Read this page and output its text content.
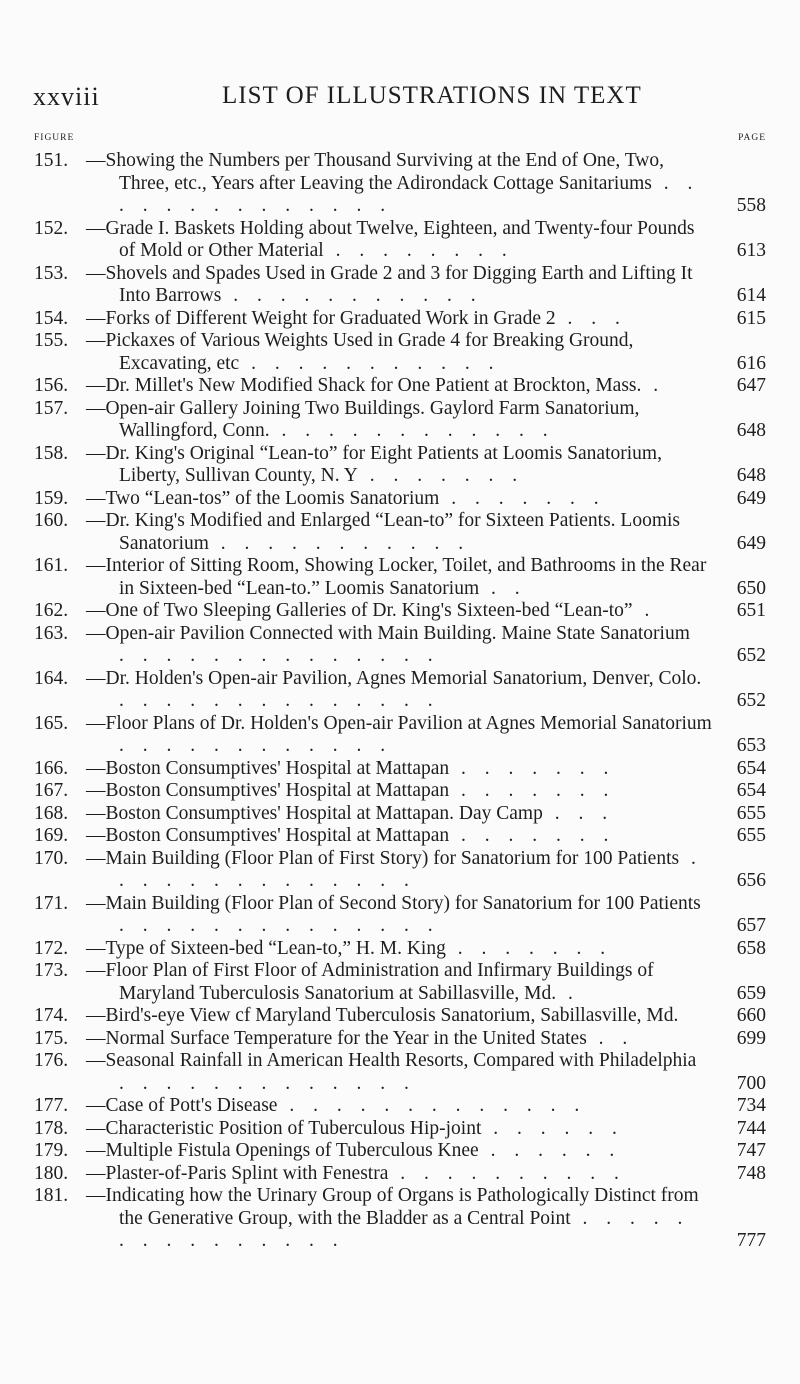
xxviii	LIST OF ILLUSTRATIONS IN TEXT
FIGURE	PAGE
151. —Showing the Numbers per Thousand Surviving at the End of One, Two, Three, etc., Years after Leaving the Adirondack Cottage Sanitariums . . . . . . . . . . . . . .	558
152. —Grade I. Baskets Holding about Twelve, Eighteen, and Twenty-four Pounds of Mold or Other Material . . . . . . . .	613
153. —Shovels and Spades Used in Grade 2 and 3 for Digging Earth and Lifting It Into Barrows . . . . . . . . . . .	614
154. —Forks of Different Weight for Graduated Work in Grade 2 . . .	615
155. —Pickaxes of Various Weights Used in Grade 4 for Breaking Ground, Excavating, etc . . . . . . . . . . .	616
156. —Dr. Millet's New Modified Shack for One Patient at Brockton, Mass. .	647
157. —Open-air Gallery Joining Two Buildings. Gaylord Farm Sanatorium, Wallingford, Conn. . . . . . . . . . . . .	648
158. —Dr. King's Original “Lean-to” for Eight Patients at Loomis Sanatorium, Liberty, Sullivan County, N. Y . . . . . . .	648
159. —Two “Lean-tos” of the Loomis Sanatorium . . . . . . .	649
160. —Dr. King's Modified and Enlarged “Lean-to” for Sixteen Patients. Loomis Sanatorium . . . . . . . . . . .	649
161. —Interior of Sitting Room, Showing Locker, Toilet, and Bathrooms in the Rear in Sixteen-bed “Lean-to.” Loomis Sanatorium . .	650
162. —One of Two Sleeping Galleries of Dr. King's Sixteen-bed “Lean-to” .	651
163. —Open-air Pavilion Connected with Main Building. Maine State Sanatorium . . . . . . . . . . . . . .	652
164. —Dr. Holden's Open-air Pavilion, Agnes Memorial Sanatorium, Denver, Colo. . . . . . . . . . . . . . .	652
165. —Floor Plans of Dr. Holden's Open-air Pavilion at Agnes Memorial Sanatorium . . . . . . . . . . . .	653
166. —Boston Consumptives' Hospital at Mattapan . . . . . . .	654
167. —Boston Consumptives' Hospital at Mattapan . . . . . . .	654
168. —Boston Consumptives' Hospital at Mattapan. Day Camp . . .	655
169. —Boston Consumptives' Hospital at Mattapan . . . . . . .	655
170. —Main Building (Floor Plan of First Story) for Sanatorium for 100 Patients . . . . . . . . . . . . . .	656
171. —Main Building (Floor Plan of Second Story) for Sanatorium for 100 Patients . . . . . . . . . . . . . .	657
172. —Type of Sixteen-bed “Lean-to,” H. M. King . . . . . . .	658
173. —Floor Plan of First Floor of Administration and Infirmary Buildings of Maryland Tuberculosis Sanatorium at Sabillasville, Md. .	659
174. —Bird's-eye View cf Maryland Tuberculosis Sanatorium, Sabillasville, Md.	660
175. —Normal Surface Temperature for the Year in the United States . .	699
176. —Seasonal Rainfall in American Health Resorts, Compared with Philadelphia . . . . . . . . . . . . .	700
177. —Case of Pott's Disease . . . . . . . . . . . . .	734
178. —Characteristic Position of Tuberculous Hip-joint . . . . . .	744
179. —Multiple Fistula Openings of Tuberculous Knee . . . . . .	747
180. —Plaster-of-Paris Splint with Fenestra . . . . . . . . . .	748
181. —Indicating how the Urinary Group of Organs is Pathologically Distinct from the Generative Group, with the Bladder as a Central Point . . . . . . . . . . . . . . .	777
